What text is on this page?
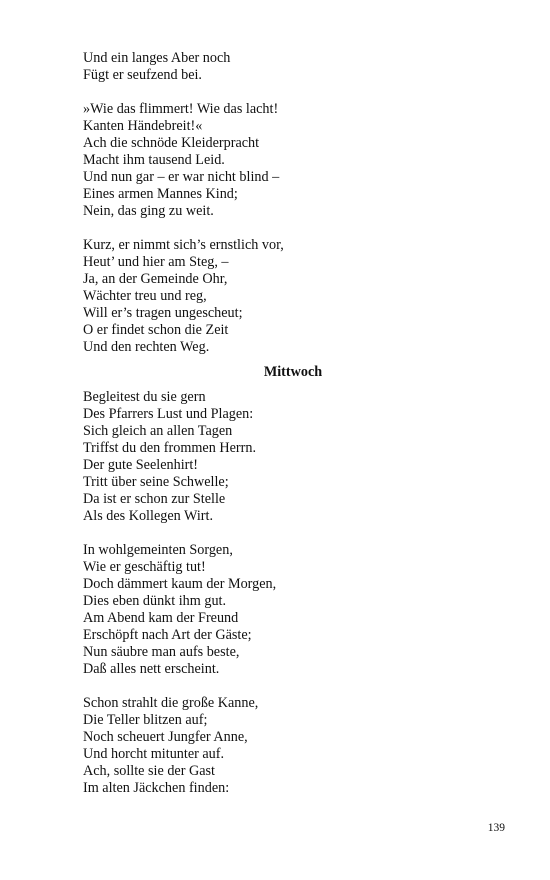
Und ein langes Aber noch
Fügt er seufzend bei.
»Wie das flimmert! Wie das lacht!
Kanten Händebreit!«
Ach die schnöde Kleiderpracht
Macht ihm tausend Leid.
Und nun gar – er war nicht blind –
Eines armen Mannes Kind;
Nein, das ging zu weit.
Kurz, er nimmt sich’s ernstlich vor,
Heut’ und hier am Steg, –
Ja, an der Gemeinde Ohr,
Wächter treu und reg,
Will er’s tragen ungescheut;
O er findet schon die Zeit
Und den rechten Weg.
Mittwoch
Begleitest du sie gern
Des Pfarrers Lust und Plagen:
Sich gleich an allen Tagen
Triffst du den frommen Herrn.
Der gute Seelenhirt!
Tritt über seine Schwelle;
Da ist er schon zur Stelle
Als des Kollegen Wirt.
In wohlgemeinten Sorgen,
Wie er geschäftig tut!
Doch dämmert kaum der Morgen,
Dies eben dünkt ihm gut.
Am Abend kam der Freund
Erschöpft nach Art der Gäste;
Nun säubre man aufs beste,
Daß alles nett erscheint.
Schon strahlt die große Kanne,
Die Teller blitzen auf;
Noch scheuert Jungfer Anne,
Und horcht mitunter auf.
Ach, sollte sie der Gast
Im alten Jäckchen finden:
139
